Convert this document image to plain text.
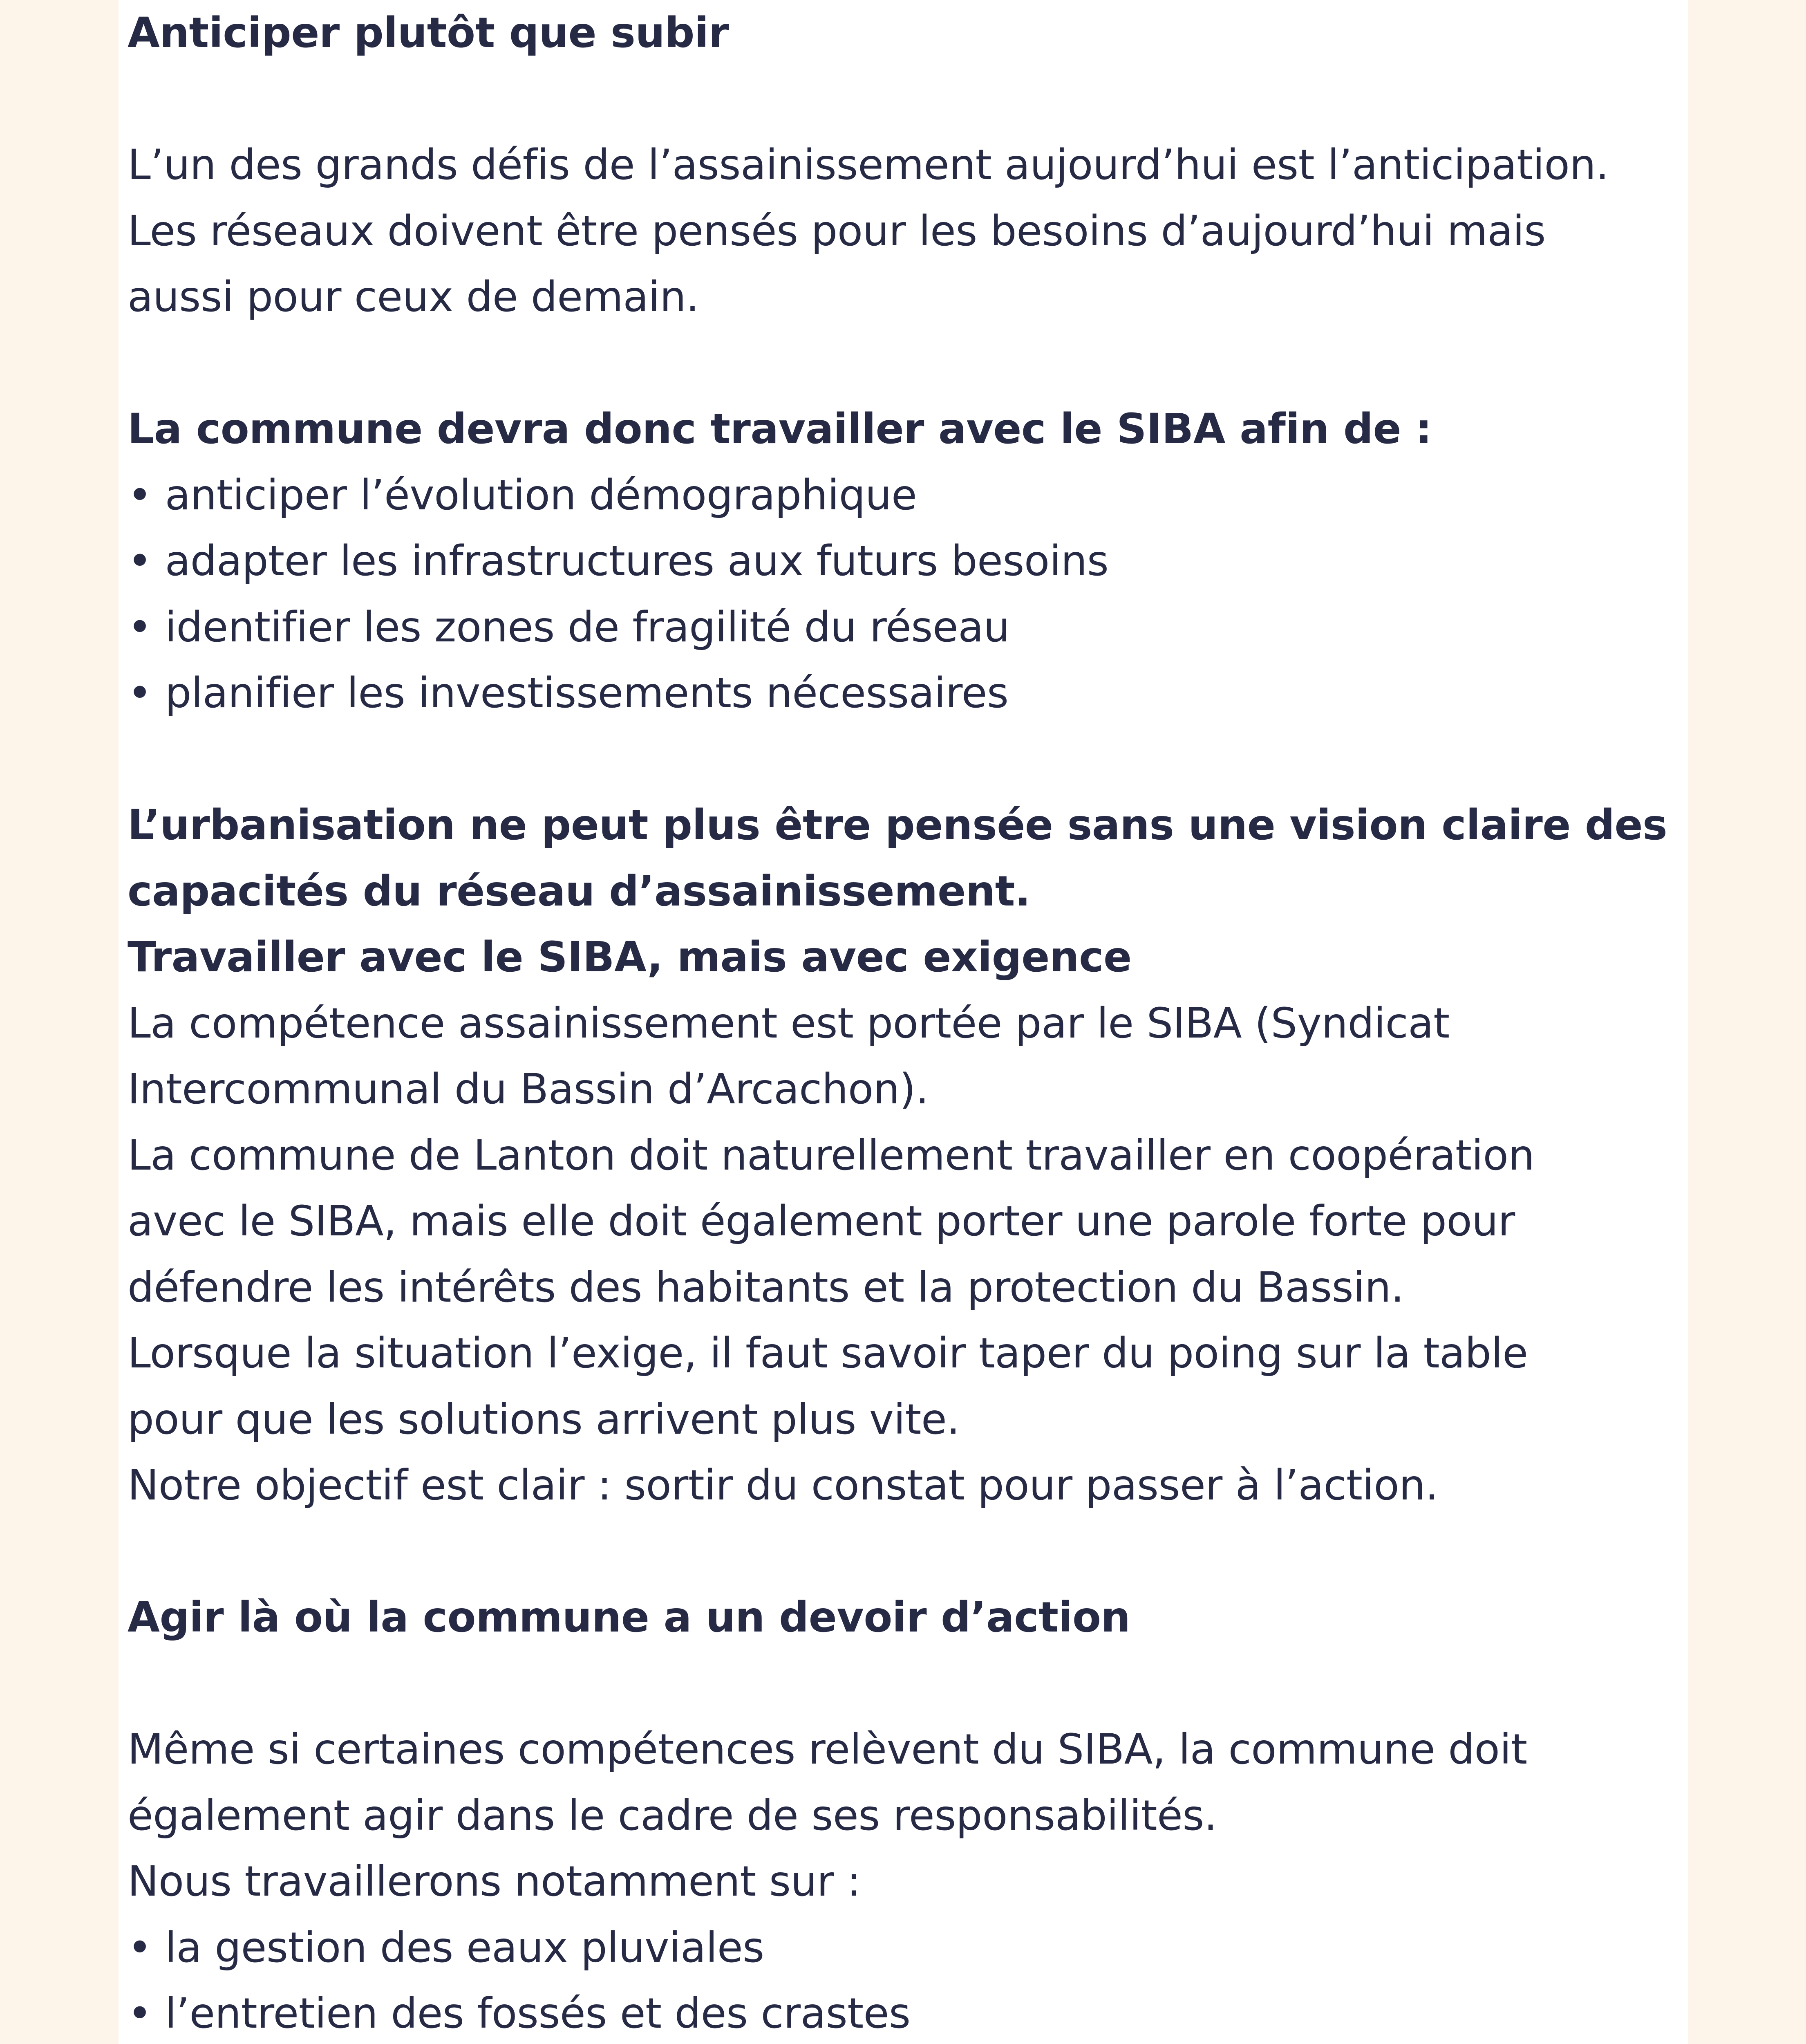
Anticiper plutôt que subir
L’un des grands défis de l’assainissement aujourd’hui est l’anticipation.
Les réseaux doivent être pensés pour les besoins d’aujourd’hui mais
aussi pour ceux de demain.
La commune devra donc travailler avec le SIBA afin de :
• anticiper l’évolution démographique
• adapter les infrastructures aux futurs besoins
• identifier les zones de fragilité du réseau
• planifier les investissements nécessaires
L’urbanisation ne peut plus être pensée sans une vision claire des
capacités du réseau d’assainissement.
Travailler avec le SIBA, mais avec exigence
La compétence assainissement est portée par le SIBA (Syndicat
Intercommunal du Bassin d’Arcachon).
La commune de Lanton doit naturellement travailler en coopération
avec le SIBA, mais elle doit également porter une parole forte pour
défendre les intérêts des habitants et la protection du Bassin.
Lorsque la situation l’exige, il faut savoir taper du poing sur la table
pour que les solutions arrivent plus vite.
Notre objectif est clair : sortir du constat pour passer à l’action.
Agir là où la commune a un devoir d’action
Même si certaines compétences relèvent du SIBA, la commune doit
également agir dans le cadre de ses responsabilités.
Nous travaillerons notamment sur :
• la gestion des eaux pluviales
• l’entretien des fossés et des crastes
